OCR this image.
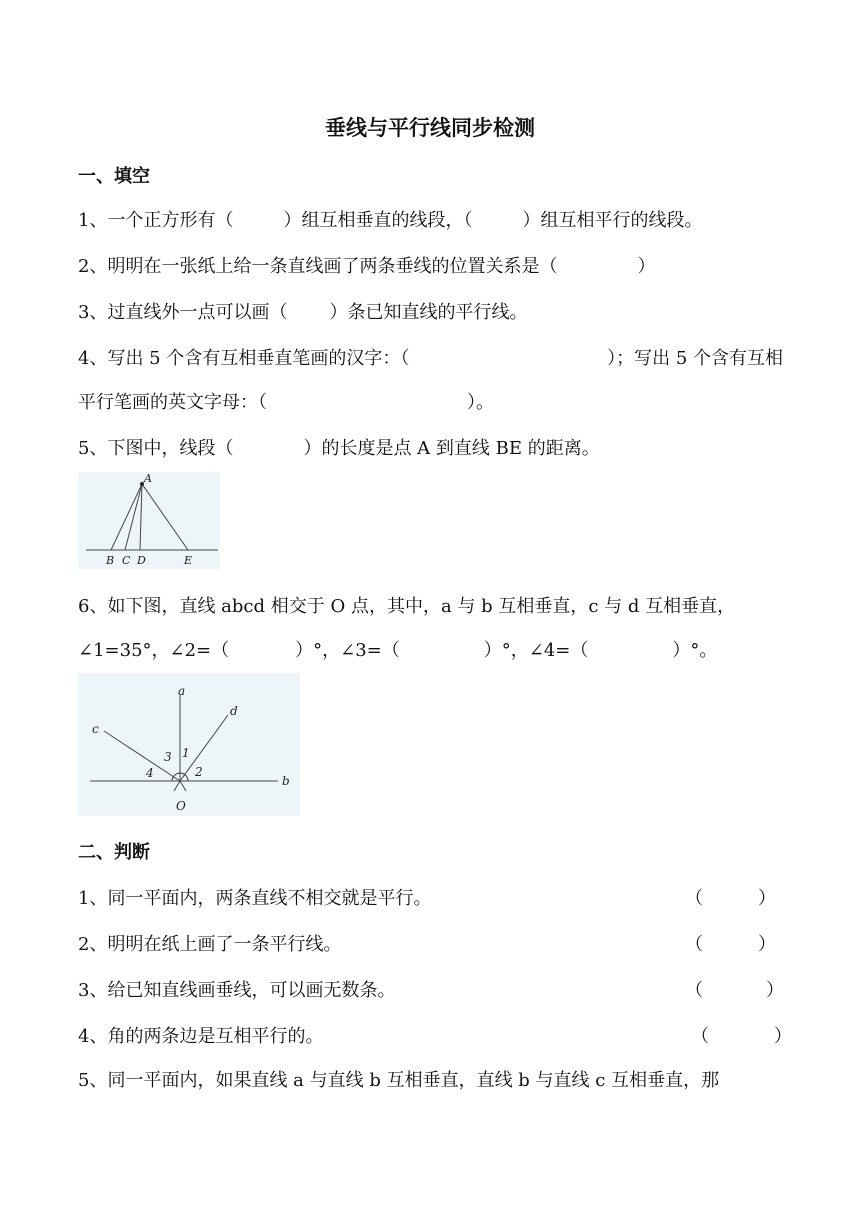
垂线与平行线同步检测
一、填空
1、一个正方形有（	）组互相垂直的线段，（	）组互相平行的线段。
2、明明在一张纸上给一条直线画了两条垂线的位置关系是（	）
3、过直线外一点可以画（ ）条已知直线的平行线。
4、写出 5 个含有互相垂直笔画的汉字：（	）；写出 5 个含有互相
平行笔画的英文字母：（	）。
5、下图中，线段（	）的长度是点 A 到直线 BE 的距离。
A
B C D	E
6、如下图，直线 abcd 相交于 O 点，其中，a 与 b 互相垂直，c 与 d 互相垂直，
∠1=35°，∠2=（	）°，∠3=（	）°，∠4=（	）°。
a
d
c
b
O
1
2
3
4
二、判断
1、同一平面内，两条直线不相交就是平行。	（	）
2、明明在纸上画了一条平行线。	（	）
3、给已知直线画垂线，可以画无数条。	（	）
4、角的两条边是互相平行的。	（	）
5、同一平面内，如果直线 a 与直线 b 互相垂直，直线 b 与直线 c 互相垂直，那
